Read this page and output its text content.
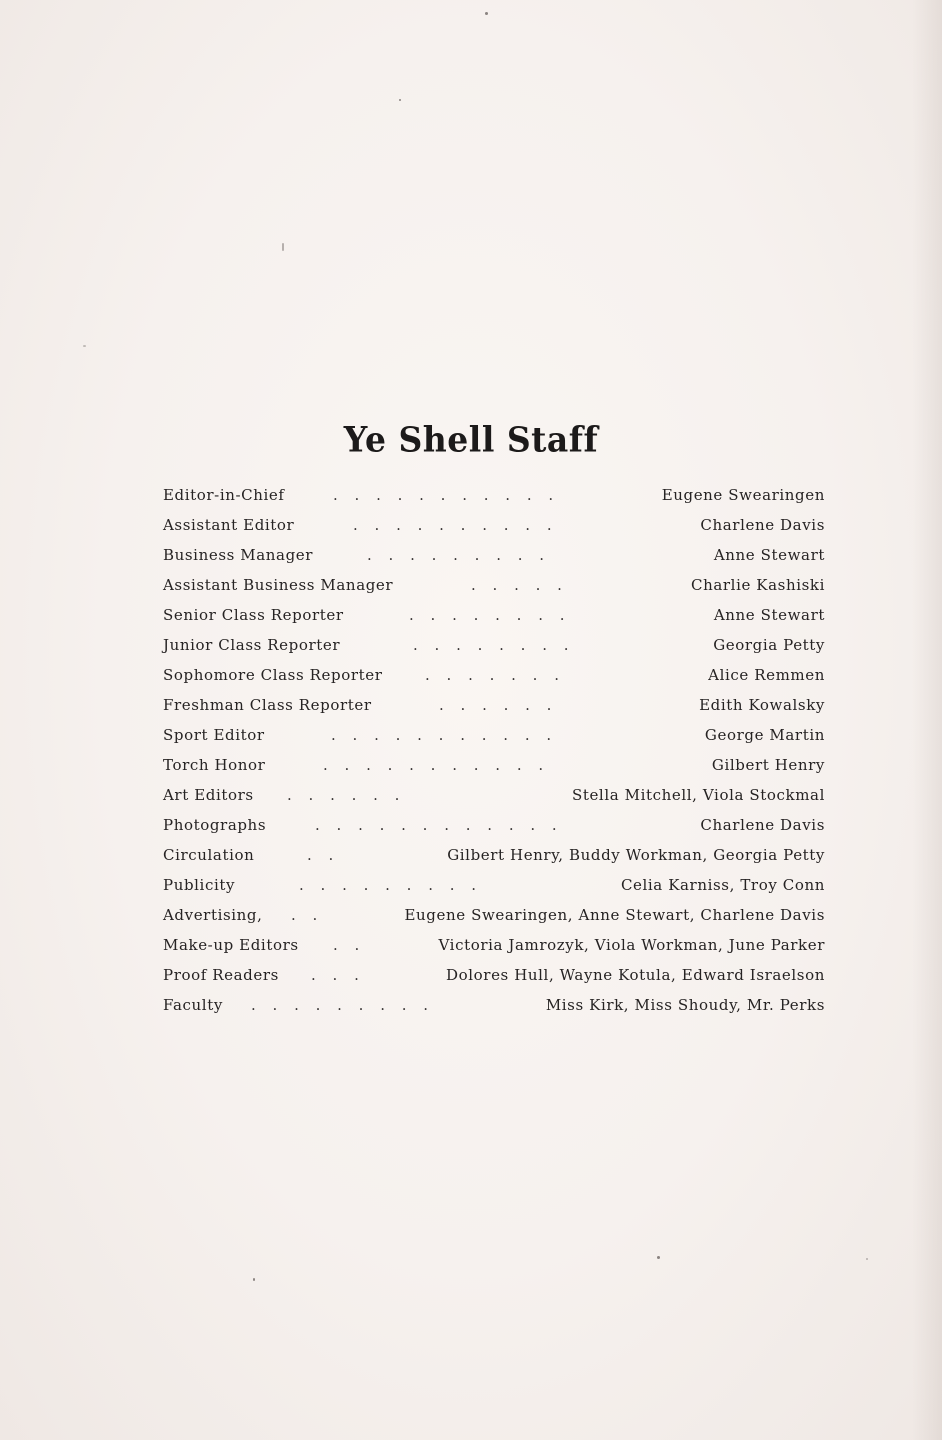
Ye Shell Staff
Editor-in-Chief	. . . . . . . . . . .	Eugene Swearingen
Assistant Editor	. . . . . . . . . .	Charlene Davis
Business Manager	. . . . . . . . .	Anne Stewart
Assistant Business Manager	. . . . .	Charlie Kashiski
Senior Class Reporter	. . . . . . . .	Anne Stewart
Junior Class Reporter	. . . . . . . .	Georgia Petty
Sophomore Class Reporter	. . . . . . .	Alice Remmen
Freshman Class Reporter	. . . . . .	Edith Kowalsky
Sport Editor	. . . . . . . . . . .	George Martin
Torch Honor	. . . . . . . . . . .	Gilbert Henry
Art Editors . . . . . .	Stella Mitchell, Viola Stockmal
Photographs	. . . . . . . . . . . .	Charlene Davis
Circulation	. .	Gilbert Henry, Buddy Workman, Georgia Petty
Publicity	. . . . . . . . .	Celia Karniss, Troy Conn
Advertising, . .	Eugene Swearingen, Anne Stewart, Charlene Davis
Make-up Editors . .	Victoria Jamrozyk, Viola Workman, June Parker
Proof Readers . . .	Dolores Hull, Wayne Kotula, Edward Israelson
Faculty . . . . . . . . .	Miss Kirk, Miss Shoudy, Mr. Perks
